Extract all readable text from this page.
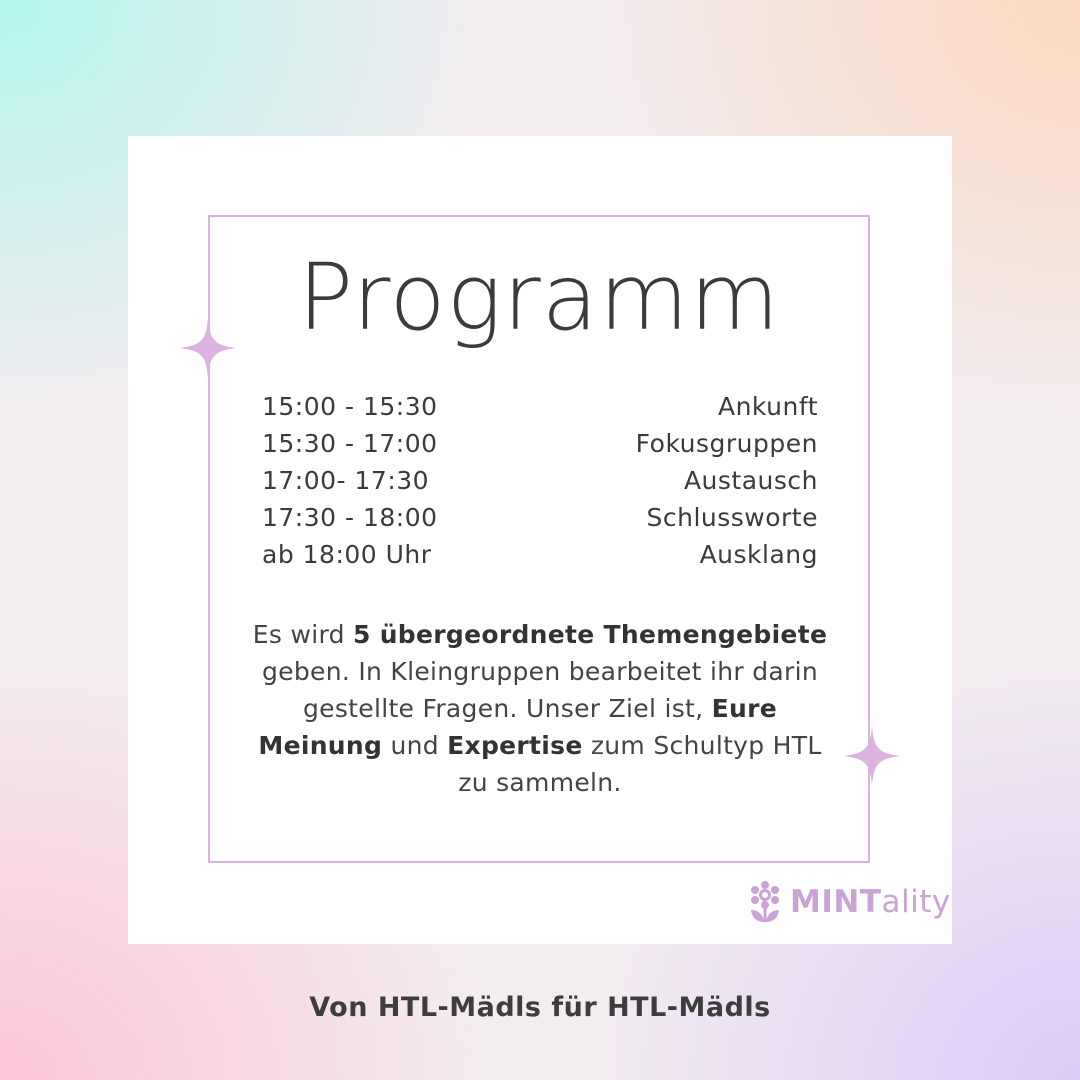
Programm
15:00 - 15:30	Ankunft
15:30 - 17:00	Fokusgruppen
17:00- 17:30	Austausch
17:30 - 18:00	Schlussworte
ab 18:00 Uhr	Ausklang
Es wird 5 übergeordnete Themengebiete geben. In Kleingruppen bearbeitet ihr darin gestellte Fragen. Unser Ziel ist, Eure Meinung und Expertise zum Schultyp HTL zu sammeln.
MINTality
Von HTL-Mädls für HTL-Mädls
